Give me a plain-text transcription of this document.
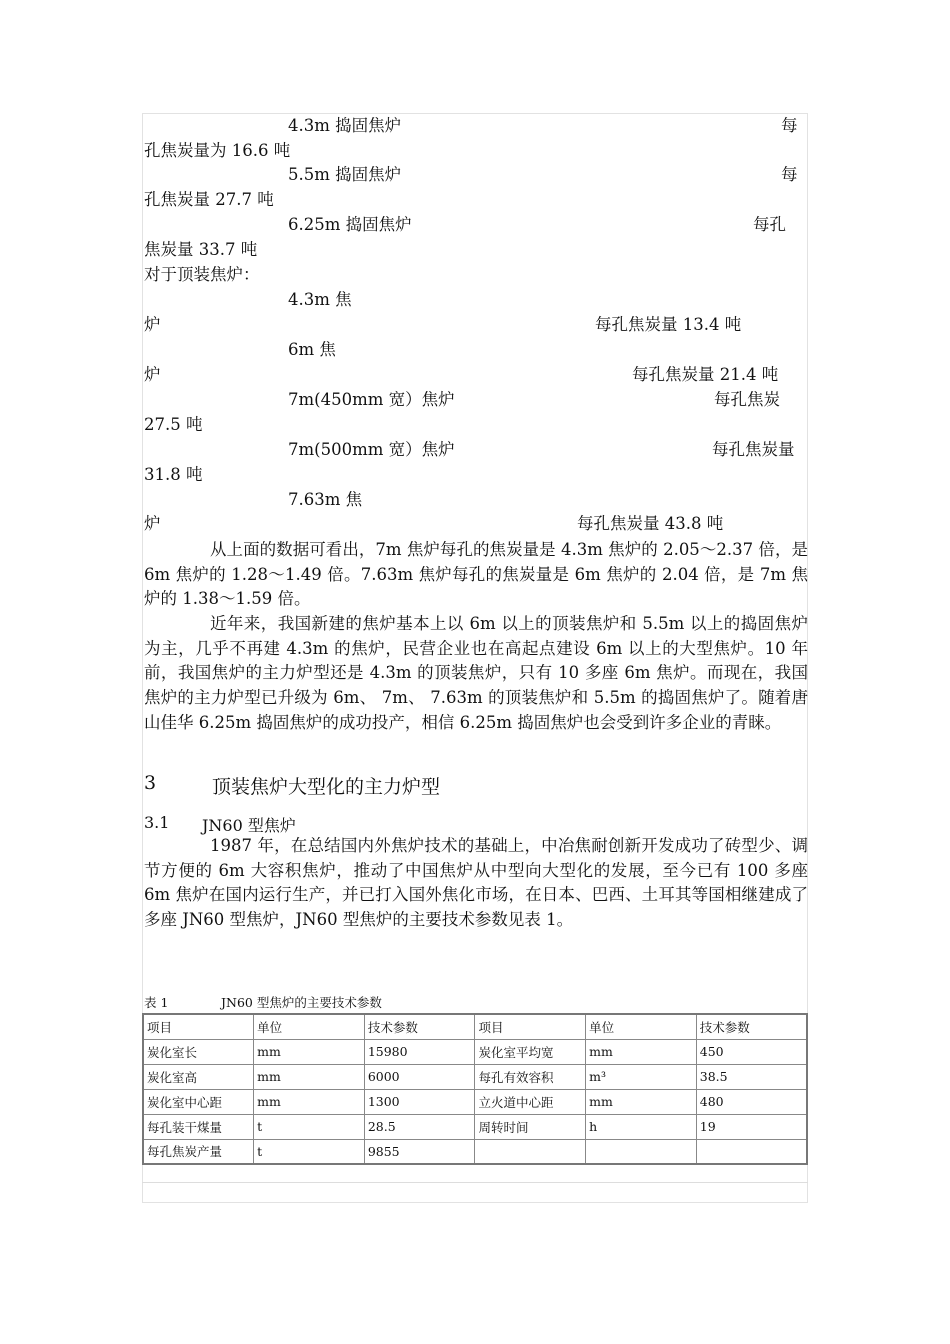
4.3m 捣固焦炉	每
孔焦炭量为 16.6 吨
5.5m 捣固焦炉	每
孔焦炭量 27.7 吨
6.25m 捣固焦炉	每孔
焦炭量 33.7 吨
对于顶装焦炉：
4.3m 焦
炉	每孔焦炭量 13.4 吨
6m 焦
炉	每孔焦炭量 21.4 吨
7m(450mm 宽）焦炉	每孔焦炭
27.5 吨
7m(500mm 宽）焦炉	每孔焦炭量
31.8 吨
7.63m 焦
炉	每孔焦炭量 43.8 吨
从上面的数据可看出，7m 焦炉每孔的焦炭量是 4.3m 焦炉的 2.05～2.37 倍，是 6m 焦炉的 1.28～1.49 倍。7.63m 焦炉每孔的焦炭量是 6m 焦炉的 2.04 倍，是 7m 焦炉的 1.38～1.59 倍。
近年来，我国新建的焦炉基本上以 6m 以上的顶装焦炉和 5.5m 以上的捣固焦炉为主，几乎不再建 4.3m 的焦炉，民营企业也在高起点建设 6m 以上的大型焦炉。10 年前，我国焦炉的主力炉型还是 4.3m 的顶装焦炉，只有 10 多座 6m 焦炉。而现在，我国焦炉的主力炉型已升级为 6m、 7m、 7.63m 的顶装焦炉和 5.5m 的捣固焦炉了。随着唐山佳华 6.25m 捣固焦炉的成功投产，相信 6.25m 捣固焦炉也会受到许多企业的青睐。
3	顶装焦炉大型化的主力炉型
3.1 JN60 型焦炉
1987 年，在总结国内外焦炉技术的基础上，中冶焦耐创新开发成功了砖型少、调节方便的 6m 大容积焦炉，推动了中国焦炉从中型向大型化的发展，至今已有 100 多座 6m 焦炉在国内运行生产，并已打入国外焦化市场，在日本、巴西、土耳其等国相继建成了多座 JN60 型焦炉，JN60 型焦炉的主要技术参数见表 1。
表 1	JN60 型焦炉的主要技术参数
项目	单位	技术参数	项目	单位	技术参数
炭化室长	mm	15980	炭化室平均宽	mm	450
炭化室高	mm	6000	每孔有效容积	m³	38.5
炭化室中心距	mm	1300	立火道中心距	mm	480
每孔装干煤量	t	28.5	周转时间	h	19
每孔焦炭产量	t	9855			
